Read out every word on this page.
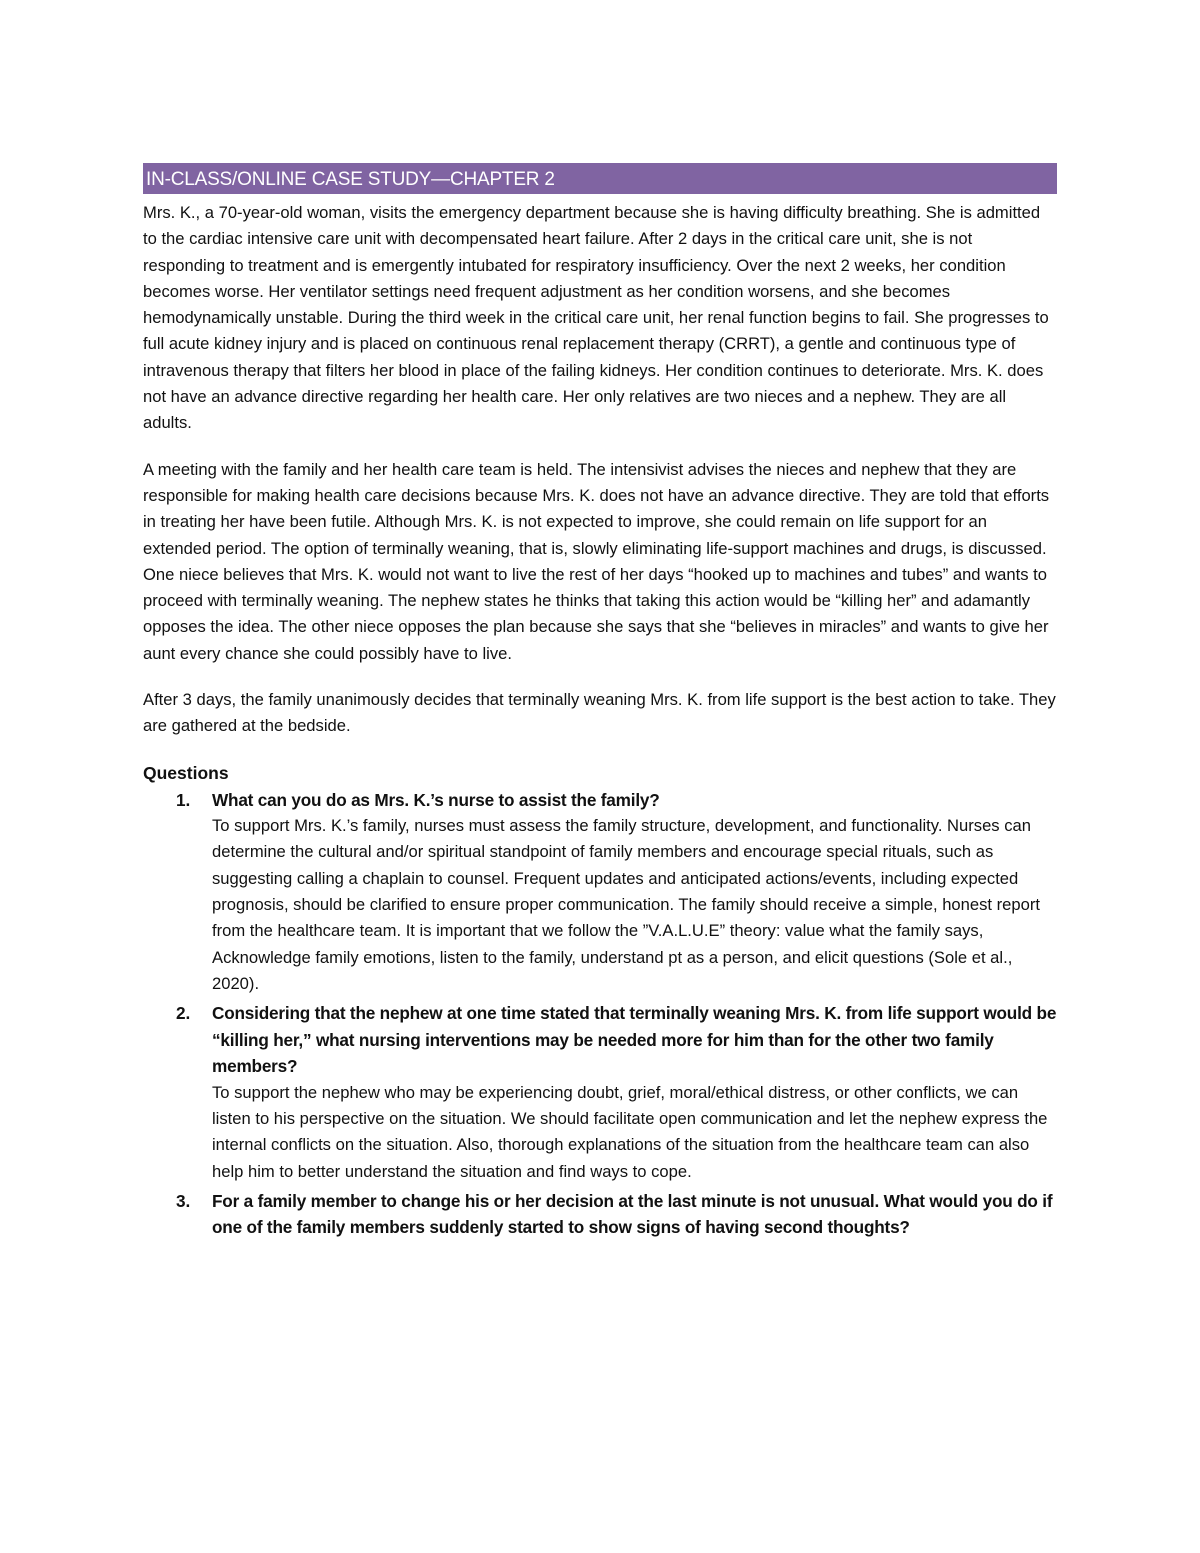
IN-CLASS/ONLINE CASE STUDY—CHAPTER 2

Mrs. K., a 70-year-old woman, visits the emergency department because she is having difficulty breathing. She is admitted to the cardiac intensive care unit with decompensated heart failure. After 2 days in the critical care unit, she is not responding to treatment and is emergently intubated for respiratory insufficiency. Over the next 2 weeks, her condition becomes worse. Her ventilator settings need frequent adjustment as her condition worsens, and she becomes hemodynamically unstable. During the third week in the critical care unit, her renal function begins to fail. She progresses to full acute kidney injury and is placed on continuous renal replacement therapy (CRRT), a gentle and continuous type of intravenous therapy that filters her blood in place of the failing kidneys. Her condition continues to deteriorate. Mrs. K. does not have an advance directive regarding her health care. Her only relatives are two nieces and a nephew. They are all adults.

A meeting with the family and her health care team is held. The intensivist advises the nieces and nephew that they are responsible for making health care decisions because Mrs. K. does not have an advance directive. They are told that efforts in treating her have been futile. Although Mrs. K. is not expected to improve, she could remain on life support for an extended period. The option of terminally weaning, that is, slowly eliminating life-support machines and drugs, is discussed. One niece believes that Mrs. K. would not want to live the rest of her days “hooked up to machines and tubes” and wants to proceed with terminally weaning. The nephew states he thinks that taking this action would be “killing her” and adamantly opposes the idea. The other niece opposes the plan because she says that she “believes in miracles” and wants to give her aunt every chance she could possibly have to live.

After 3 days, the family unanimously decides that terminally weaning Mrs. K. from life support is the best action to take. They are gathered at the bedside.

Questions
1. What can you do as Mrs. K.’s nurse to assist the family?

To support Mrs. K.’s family, nurses must assess the family structure, development, and functionality. Nurses can determine the cultural and/or spiritual standpoint of family members and encourage special rituals, such as suggesting calling a chaplain to counsel. Frequent updates and anticipated actions/events, including expected prognosis, should be clarified to ensure proper communication. The family should receive a simple, honest report from the healthcare team. It is important that we follow the ”V.A.L.U.E” theory: value what the family says, Acknowledge family emotions, listen to the family, understand pt as a person, and elicit questions (Sole et al., 2020).

2. Considering that the nephew at one time stated that terminally weaning Mrs. K. from life support would be “killing her,” what nursing interventions may be needed more for him than for the other two family members?

To support the nephew who may be experiencing doubt, grief, moral/ethical distress, or other conflicts, we can listen to his perspective on the situation. We should facilitate open communication and let the nephew express the internal conflicts on the situation. Also, thorough explanations of the situation from the healthcare team can also help him to better understand the situation and find ways to cope.

3. For a family member to change his or her decision at the last minute is not unusual. What would you do if one of the family members suddenly started to show signs of having second thoughts?
